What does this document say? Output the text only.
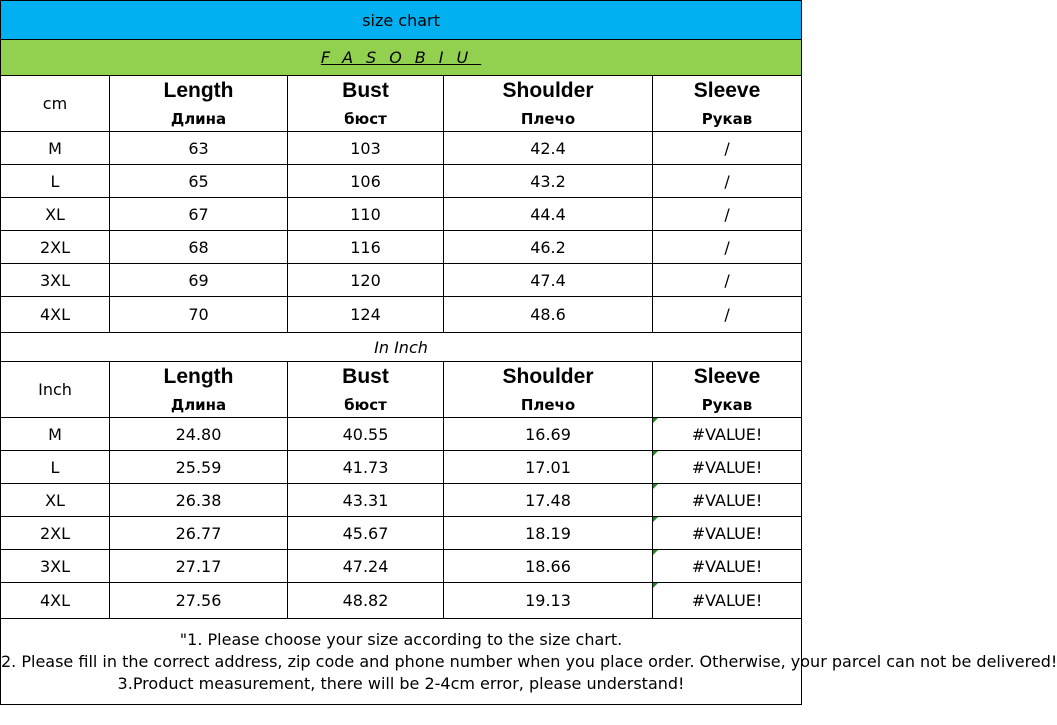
size chart				
FASOBIU				
cm	Length	Bust	Shoulder	Sleeve
	Длина	бюст	Плечо	Рукав
M	63	103	42.4	/
L	65	106	43.2	/
XL	67	110	44.4	/
2XL	68	116	46.2	/
3XL	69	120	47.4	/
4XL	70	124	48.6	/
In Inch				
Inch	Length	Bust	Shoulder	Sleeve
	Длина	бюст	Плечо	Рукав
M	24.80	40.55	16.69	#VALUE!
L	25.59	41.73	17.01	#VALUE!
XL	26.38	43.31	17.48	#VALUE!
2XL	26.77	45.67	18.19	#VALUE!
3XL	27.17	47.24	18.66	#VALUE!
4XL	27.56	48.82	19.13	#VALUE!

"1. Please choose your size according to the size chart.
2. Please fill in the correct address, zip code and phone number when you place order. Otherwise, your parcel can not be delivered!
3.Product measurement, there will be 2-4cm error, please understand!				
